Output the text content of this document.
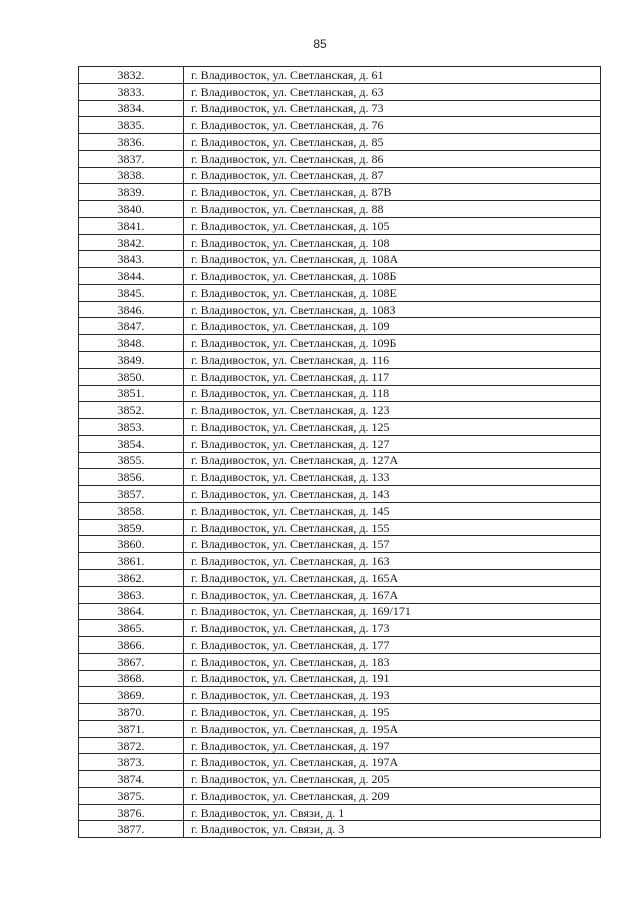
85
3832.	г. Владивосток, ул. Светланская, д. 61
3833.	г. Владивосток, ул. Светланская, д. 63
3834.	г. Владивосток, ул. Светланская, д. 73
3835.	г. Владивосток, ул. Светланская, д. 76
3836.	г. Владивосток, ул. Светланская, д. 85
3837.	г. Владивосток, ул. Светланская, д. 86
3838.	г. Владивосток, ул. Светланская, д. 87
3839.	г. Владивосток, ул. Светланская, д. 87В
3840.	г. Владивосток, ул. Светланская, д. 88
3841.	г. Владивосток, ул. Светланская, д. 105
3842.	г. Владивосток, ул. Светланская, д. 108
3843.	г. Владивосток, ул. Светланская, д. 108А
3844.	г. Владивосток, ул. Светланская, д. 108Б
3845.	г. Владивосток, ул. Светланская, д. 108Е
3846.	г. Владивосток, ул. Светланская, д. 108З
3847.	г. Владивосток, ул. Светланская, д. 109
3848.	г. Владивосток, ул. Светланская, д. 109Б
3849.	г. Владивосток, ул. Светланская, д. 116
3850.	г. Владивосток, ул. Светланская, д. 117
3851.	г. Владивосток, ул. Светланская, д. 118
3852.	г. Владивосток, ул. Светланская, д. 123
3853.	г. Владивосток, ул. Светланская, д. 125
3854.	г. Владивосток, ул. Светланская, д. 127
3855.	г. Владивосток, ул. Светланская, д. 127А
3856.	г. Владивосток, ул. Светланская, д. 133
3857.	г. Владивосток, ул. Светланская, д. 143
3858.	г. Владивосток, ул. Светланская, д. 145
3859.	г. Владивосток, ул. Светланская, д. 155
3860.	г. Владивосток, ул. Светланская, д. 157
3861.	г. Владивосток, ул. Светланская, д. 163
3862.	г. Владивосток, ул. Светланская, д. 165А
3863.	г. Владивосток, ул. Светланская, д. 167А
3864.	г. Владивосток, ул. Светланская, д. 169/171
3865.	г. Владивосток, ул. Светланская, д. 173
3866.	г. Владивосток, ул. Светланская, д. 177
3867.	г. Владивосток, ул. Светланская, д. 183
3868.	г. Владивосток, ул. Светланская, д. 191
3869.	г. Владивосток, ул. Светланская, д. 193
3870.	г. Владивосток, ул. Светланская, д. 195
3871.	г. Владивосток, ул. Светланская, д. 195А
3872.	г. Владивосток, ул. Светланская, д. 197
3873.	г. Владивосток, ул. Светланская, д. 197А
3874.	г. Владивосток, ул. Светланская, д. 205
3875.	г. Владивосток, ул. Светланская, д. 209
3876.	г. Владивосток, ул. Связи, д. 1
3877.	г. Владивосток, ул. Связи, д. 3
